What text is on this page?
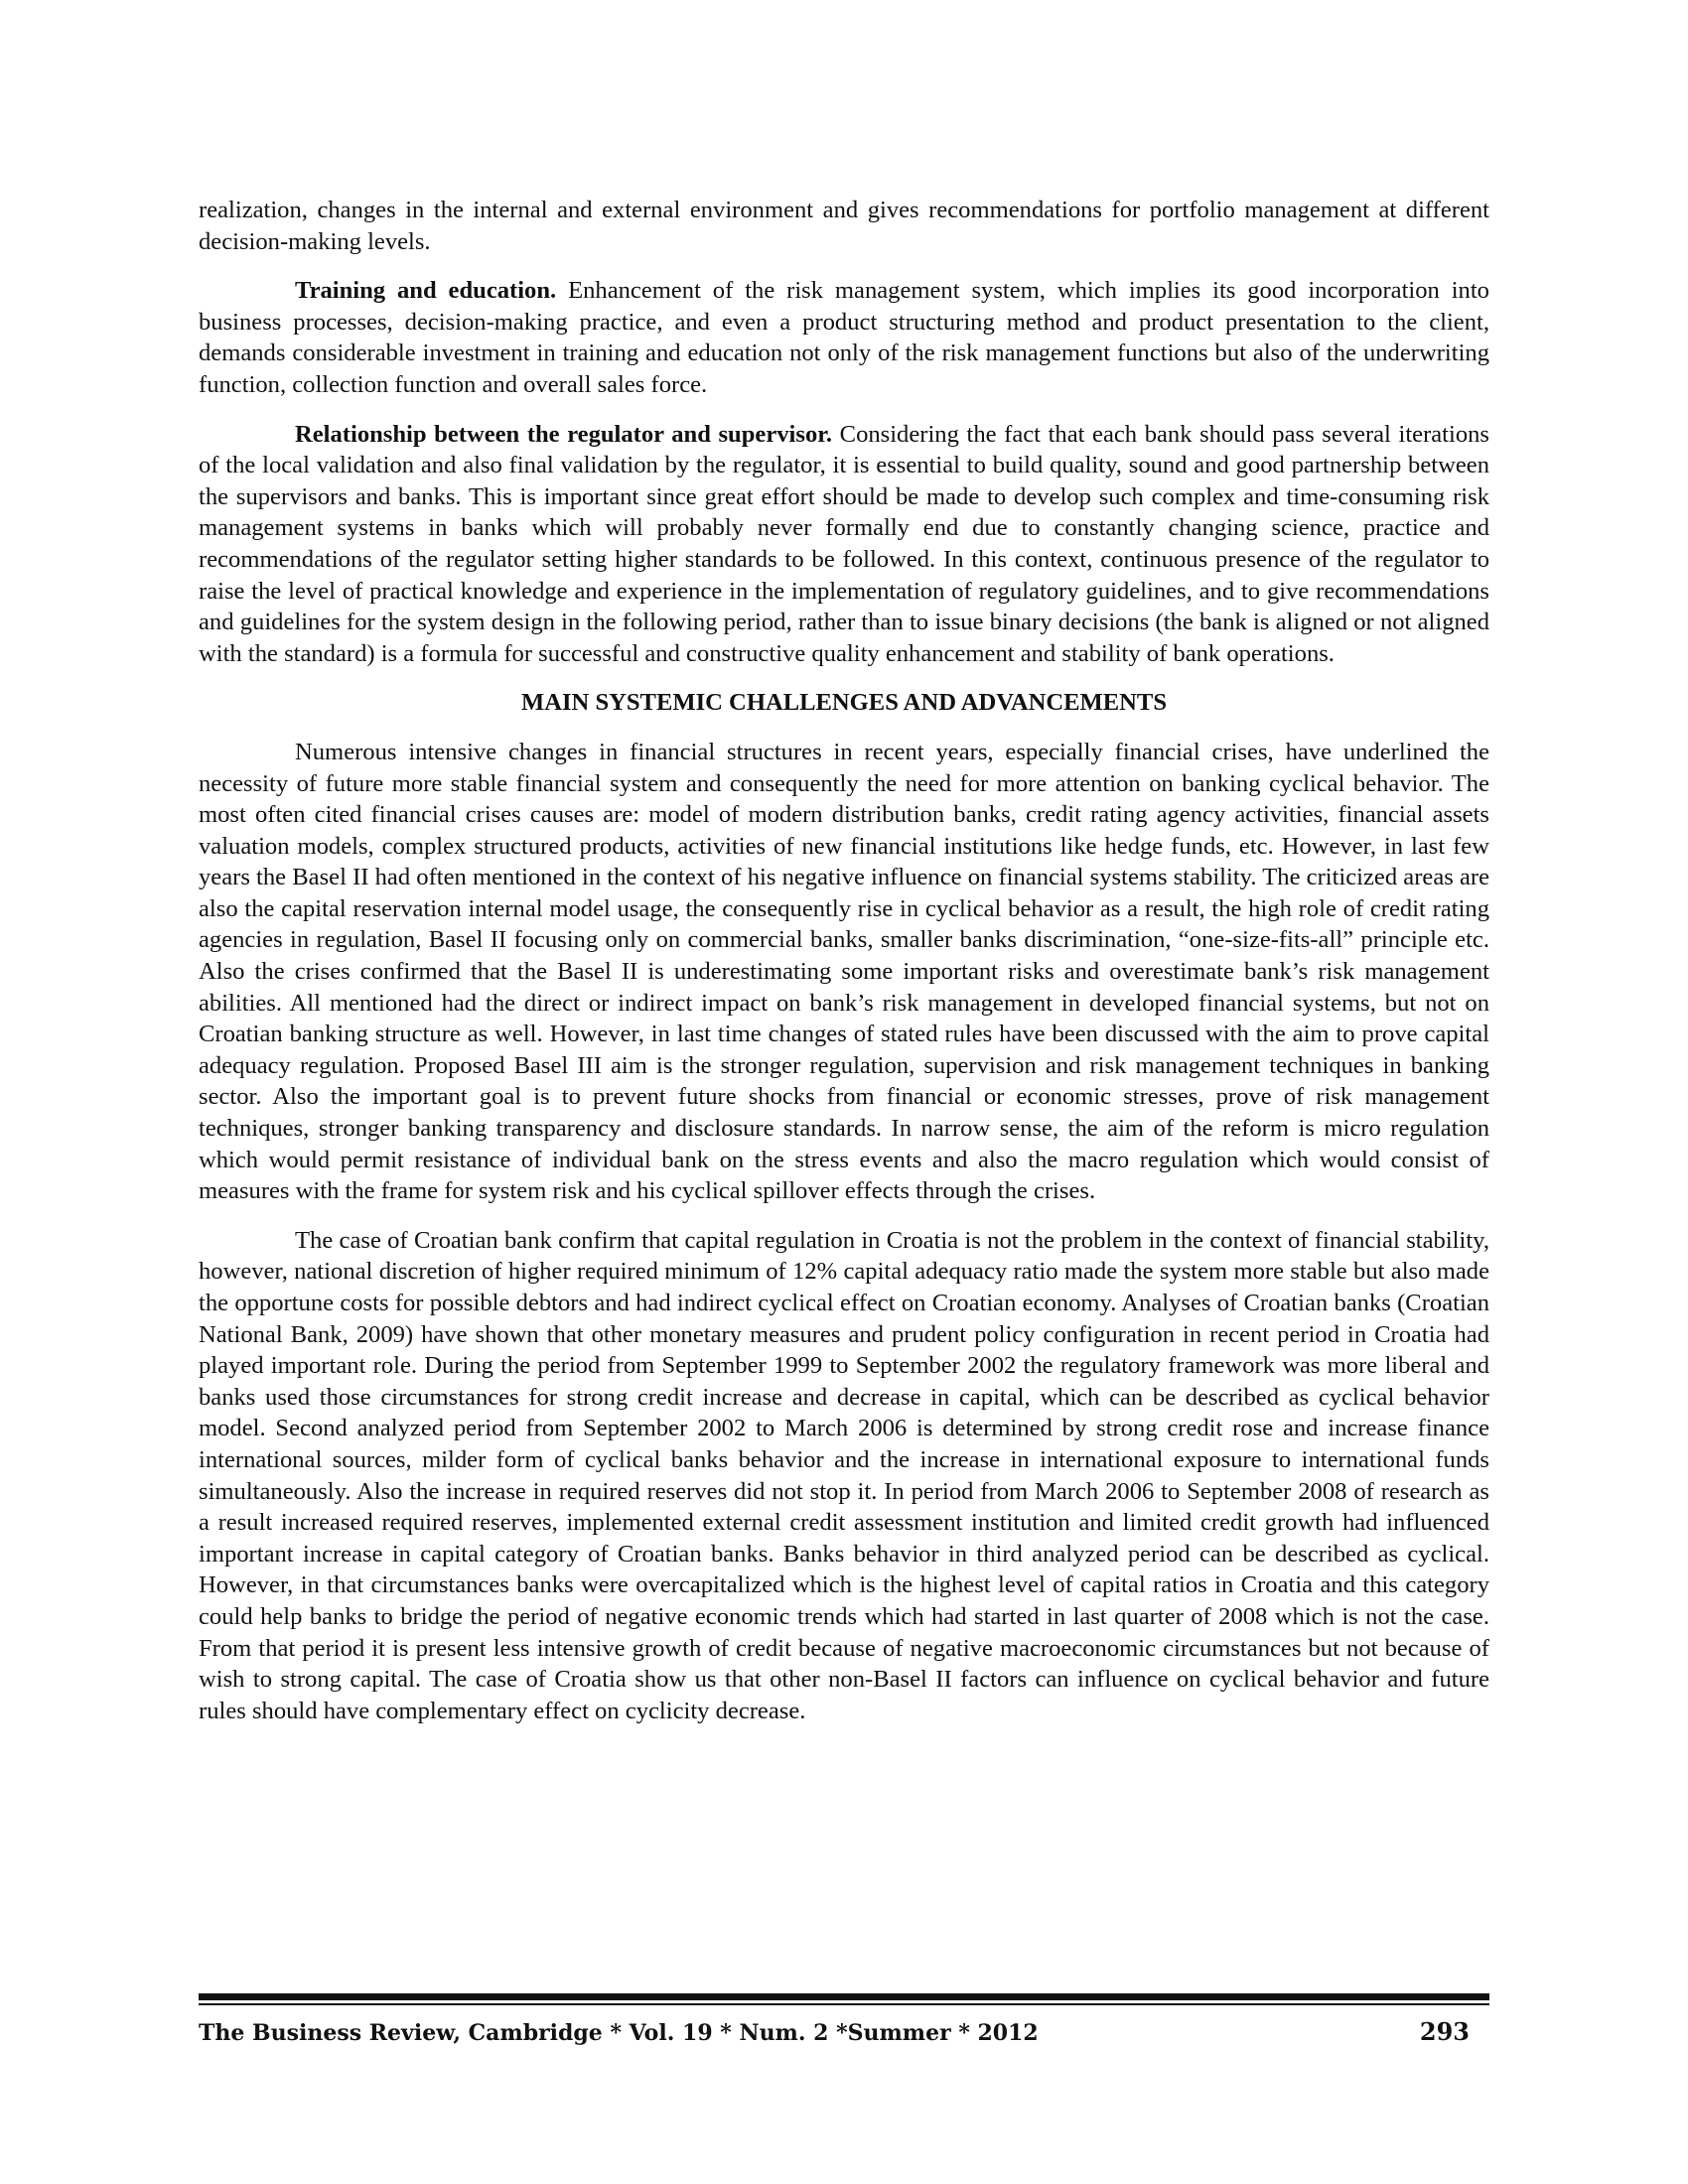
realization, changes in the internal and external environment and gives recommendations for portfolio management at different decision-making levels.

Training and education. Enhancement of the risk management system, which implies its good incorporation into business processes, decision-making practice, and even a product structuring method and product presentation to the client, demands considerable investment in training and education not only of the risk management functions but also of the underwriting function, collection function and overall sales force.

Relationship between the regulator and supervisor. Considering the fact that each bank should pass several iterations of the local validation and also final validation by the regulator, it is essential to build quality, sound and good partnership between the supervisors and banks. This is important since great effort should be made to develop such complex and time-consuming risk management systems in banks which will probably never formally end due to constantly changing science, practice and recommendations of the regulator setting higher standards to be followed. In this context, continuous presence of the regulator to raise the level of practical knowledge and experience in the implementation of regulatory guidelines, and to give recommendations and guidelines for the system design in the following period, rather than to issue binary decisions (the bank is aligned or not aligned with the standard) is a formula for successful and constructive quality enhancement and stability of bank operations.

MAIN SYSTEMIC CHALLENGES AND ADVANCEMENTS

Numerous intensive changes in financial structures in recent years, especially financial crises, have underlined the necessity of future more stable financial system and consequently the need for more attention on banking cyclical behavior. The most often cited financial crises causes are: model of modern distribution banks, credit rating agency activities, financial assets valuation models, complex structured products, activities of new financial institutions like hedge funds, etc. However, in last few years the Basel II had often mentioned in the context of his negative influence on financial systems stability. The criticized areas are also the capital reservation internal model usage, the consequently rise in cyclical behavior as a result, the high role of credit rating agencies in regulation, Basel II focusing only on commercial banks, smaller banks discrimination, “one-size-fits-all” principle etc. Also the crises confirmed that the Basel II is underestimating some important risks and overestimate bank’s risk management abilities. All mentioned had the direct or indirect impact on bank’s risk management in developed financial systems, but not on Croatian banking structure as well. However, in last time changes of stated rules have been discussed with the aim to prove capital adequacy regulation. Proposed Basel III aim is the stronger regulation, supervision and risk management techniques in banking sector. Also the important goal is to prevent future shocks from financial or economic stresses, prove of risk management techniques, stronger banking transparency and disclosure standards. In narrow sense, the aim of the reform is micro regulation which would permit resistance of individual bank on the stress events and also the macro regulation which would consist of measures with the frame for system risk and his cyclical spillover effects through the crises.

The case of Croatian bank confirm that capital regulation in Croatia is not the problem in the context of financial stability, however, national discretion of higher required minimum of 12% capital adequacy ratio made the system more stable but also made the opportune costs for possible debtors and had indirect cyclical effect on Croatian economy. Analyses of Croatian banks (Croatian National Bank, 2009) have shown that other monetary measures and prudent policy configuration in recent period in Croatia had played important role. During the period from September 1999 to September 2002 the regulatory framework was more liberal and banks used those circumstances for strong credit increase and decrease in capital, which can be described as cyclical behavior model. Second analyzed period from September 2002 to March 2006 is determined by strong credit rose and increase finance international sources, milder form of cyclical banks behavior and the increase in international exposure to international funds simultaneously. Also the increase in required reserves did not stop it. In period from March 2006 to September 2008 of research as a result increased required reserves, implemented external credit assessment institution and limited credit growth had influenced important increase in capital category of Croatian banks. Banks behavior in third analyzed period can be described as cyclical. However, in that circumstances banks were overcapitalized which is the highest level of capital ratios in Croatia and this category could help banks to bridge the period of negative economic trends which had started in last quarter of 2008 which is not the case. From that period it is present less intensive growth of credit because of negative macroeconomic circumstances but not because of wish to strong capital. The case of Croatia show us that other non-Basel II factors can influence on cyclical behavior and future rules should have complementary effect on cyclicity decrease.

The Business Review, Cambridge * Vol. 19 * Num. 2 *Summer * 2012	293
